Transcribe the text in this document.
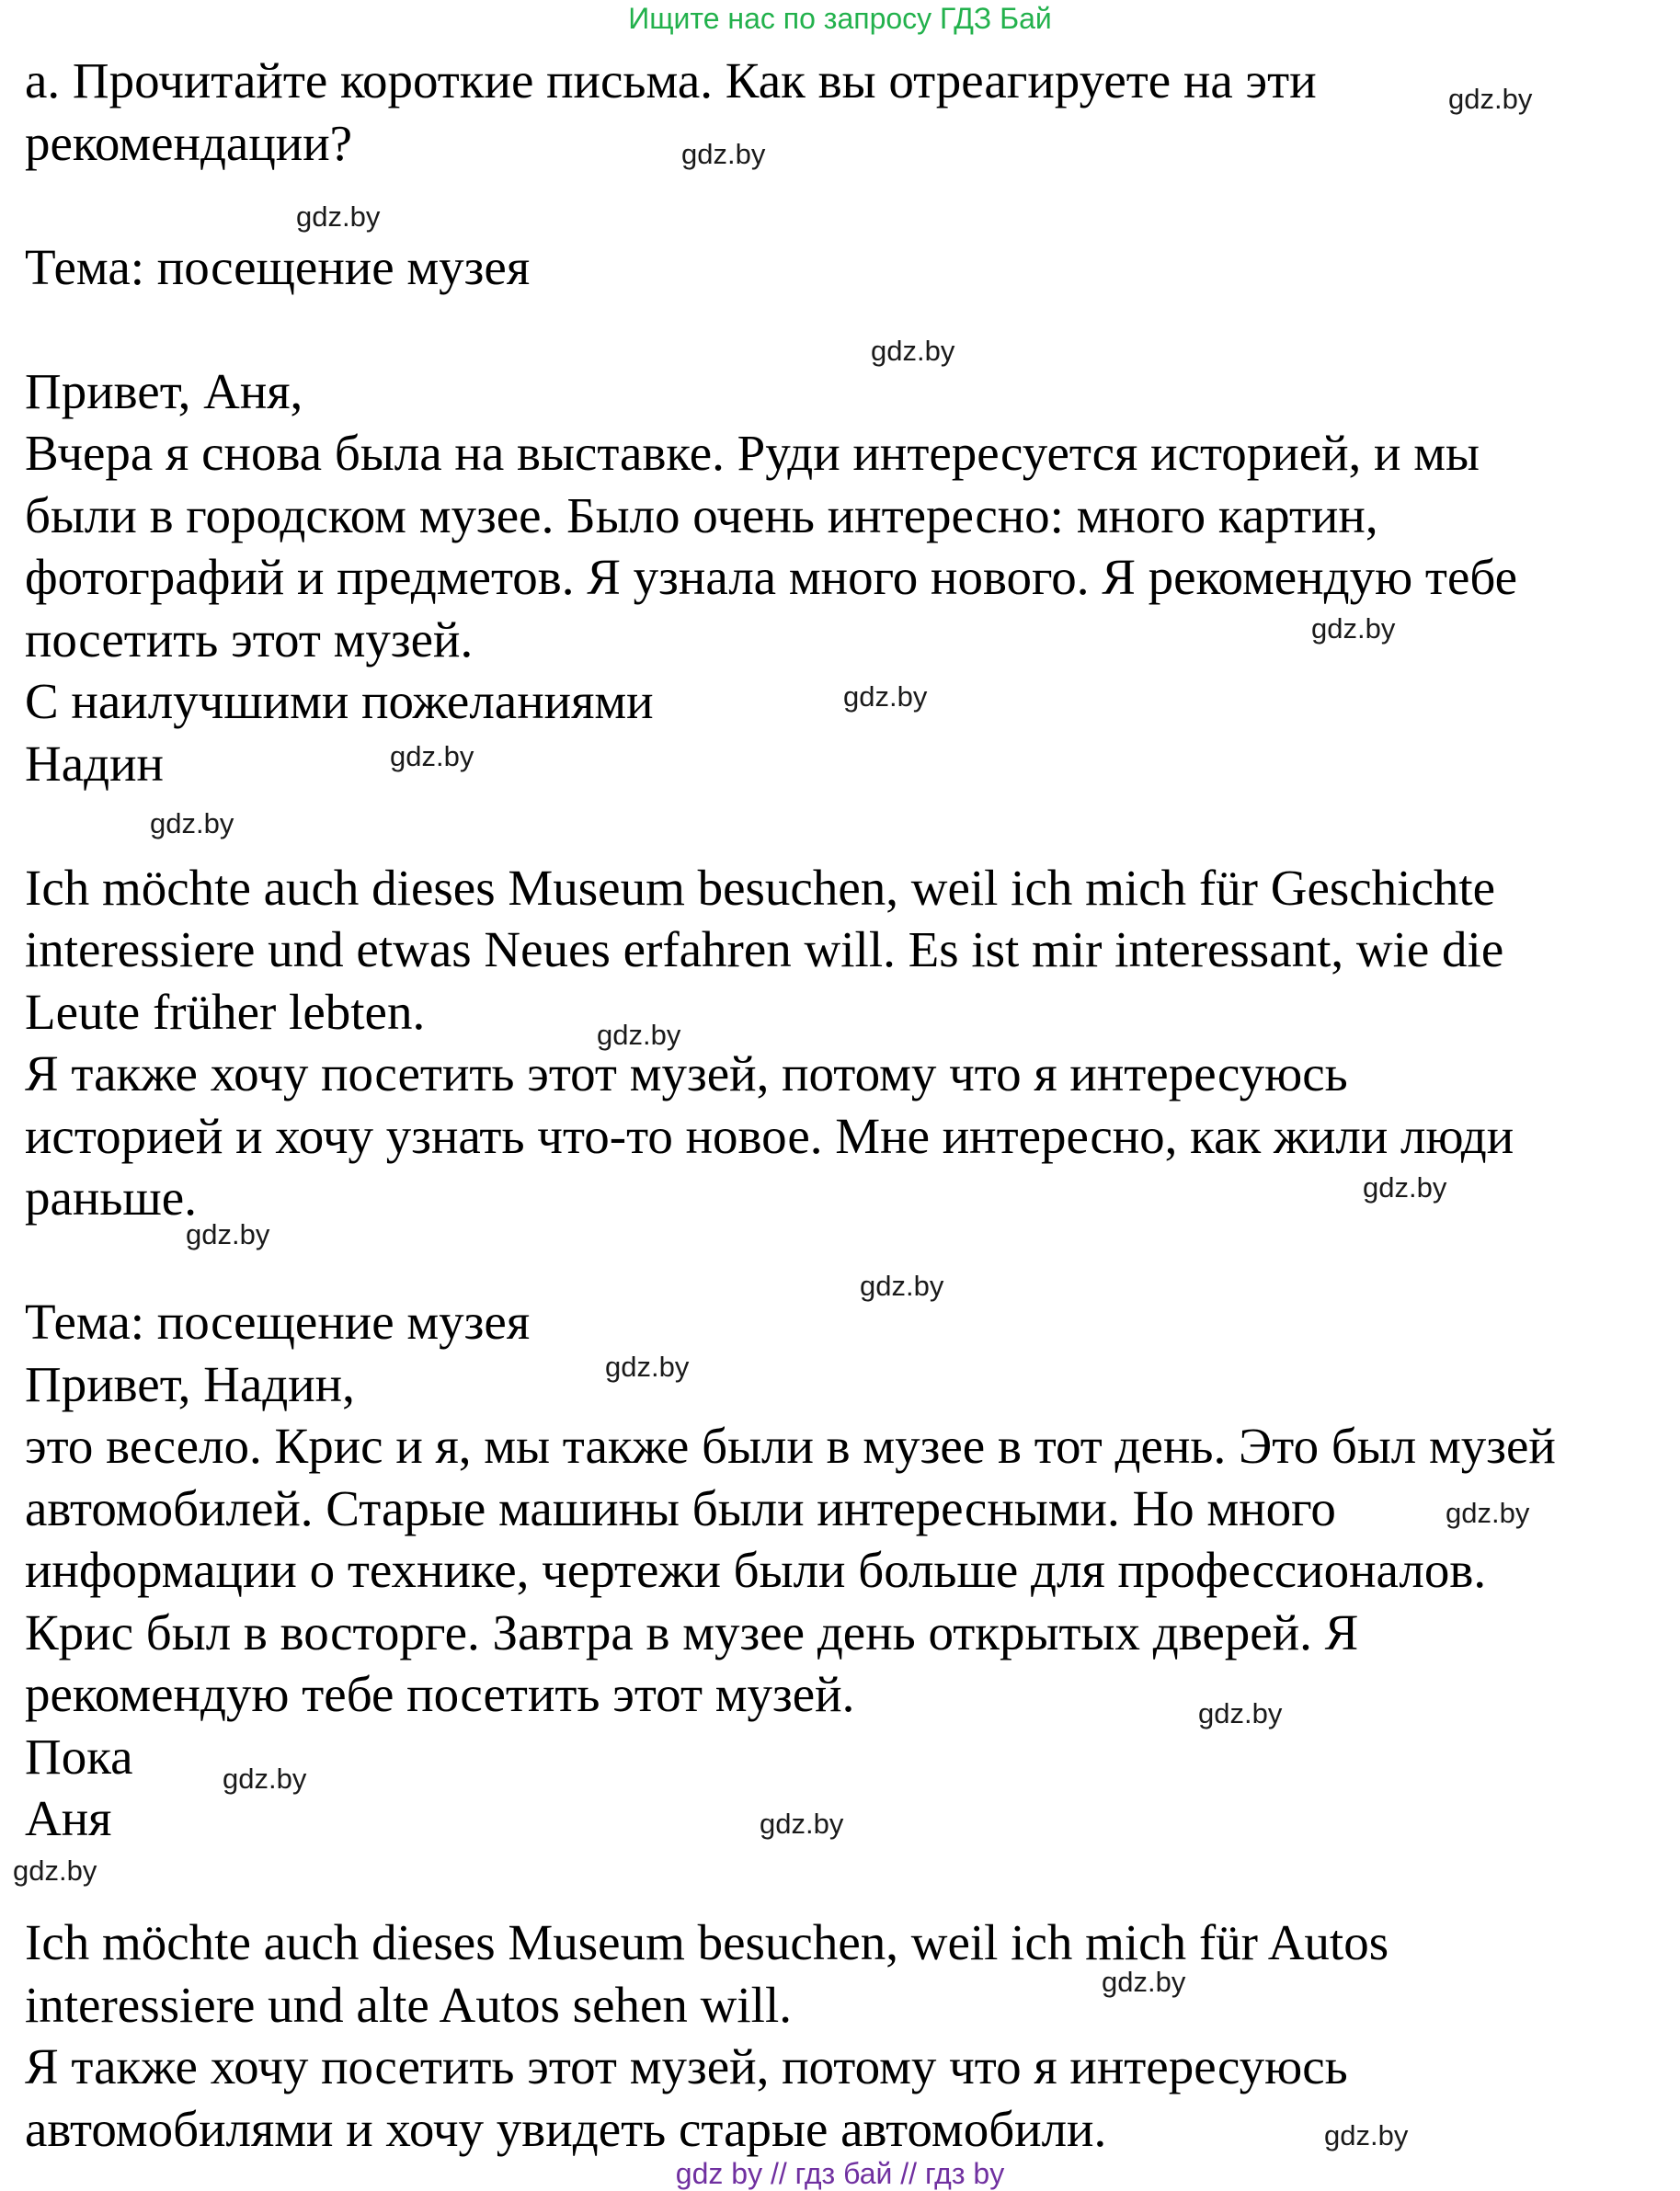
Ищите нас по запросу ГДЗ Бай

a. Прочитайте короткие письма. Как вы отреагируете на эти

рекомендации?

Тема: посещение музея

Привет, Аня,

Вчера я снова была на выставке. Руди интересуется историей, и мы

были в городском музее. Было очень интересно: много картин,

фотографий и предметов. Я узнала много нового. Я рекомендую тебе

посетить этот музей.

С наилучшими пожеланиями

Надин

Ich möchte auch dieses Museum besuchen, weil ich mich für Geschichte

interessiere und etwas Neues erfahren will. Es ist mir interessant, wie die

Leute früher lebten.

Я также хочу посетить этот музей, потому что я интересуюсь

историей и хочу узнать что-то новое. Мне интересно, как жили люди

раньше.

Тема: посещение музея

Привет, Надин,

это весело. Крис и я, мы также были в музее в тот день. Это был музей

автомобилей. Старые машины были интересными. Но много

информации о технике, чертежи были больше для профессионалов.

Крис был в восторге. Завтра в музее день открытых дверей. Я

рекомендую тебе посетить этот музей.

Пока

Аня

Ich möchte auch dieses Museum besuchen, weil ich mich für Autos

interessiere und alte Autos sehen will.

Я также хочу посетить этот музей, потому что я интересуюсь

автомобилями и хочу увидеть старые автомобили.

gdz.by
gdz.by
gdz.by
gdz.by
gdz.by
gdz.by
gdz.by
gdz.by
gdz.by
gdz.by
gdz.by
gdz.by
gdz.by
gdz.by
gdz.by
gdz.by
gdz.by
gdz.by
gdz.by
gdz.by
gdz by // гдз бай // гдз by
